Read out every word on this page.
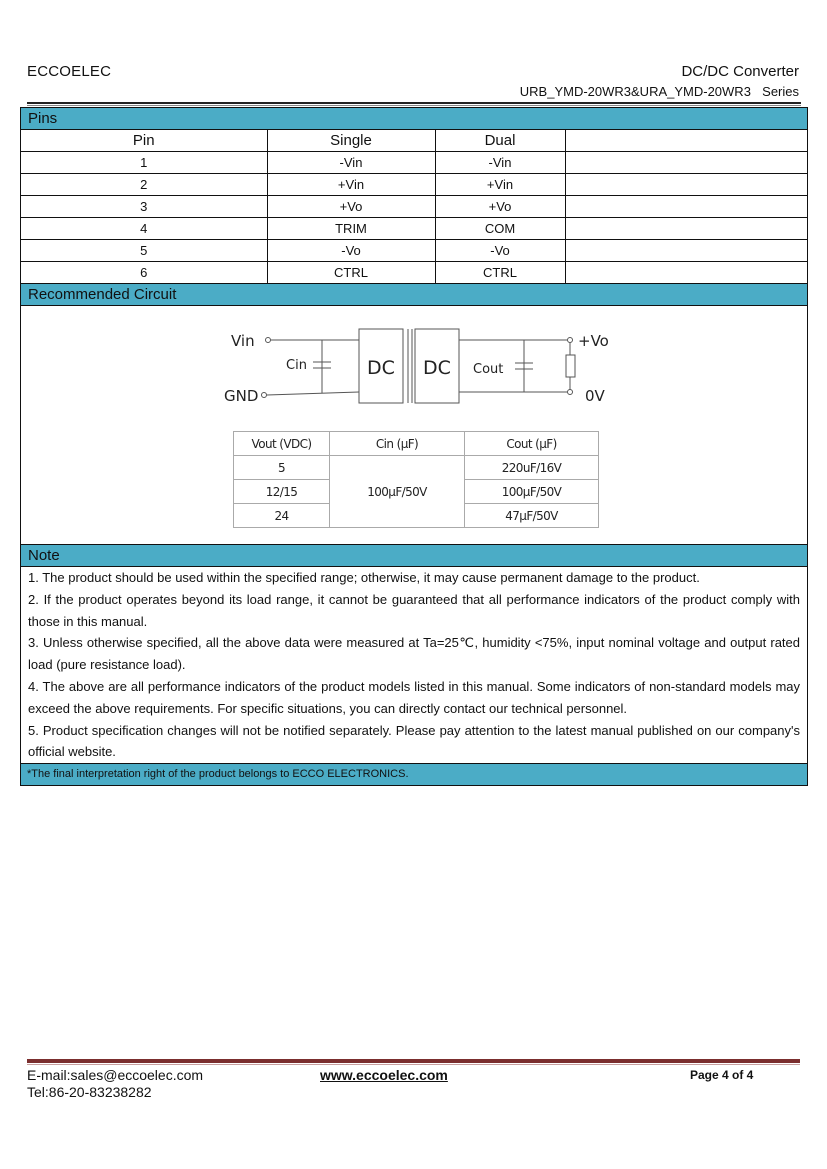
ECCOELEC	DC/DC Converter
URB_YMD-20WR3&URA_YMD-20WR3  Series
Pins
Pin	Single	Dual	
1	-Vin	-Vin	
2	+Vin	+Vin	
3	+Vo	+Vo	
4	TRIM	COM	
5	-Vo	-Vo	
6	CTRL	CTRL	
Recommended Circuit
Vin
GND
Cin	DC DC Cout
+Vo
0V
Vout (VDC)	Cin (µF)	Cout (µF)
5	100µF/50V	220uF/16V
12/15		100µF/50V
24		47µF/50V
Note
1. The product should be used within the specified range; otherwise, it may cause permanent damage to the product.
2. If the product operates beyond its load range, it cannot be guaranteed that all performance indicators of the product comply with those in this manual.
3. Unless otherwise specified, all the above data were measured at Ta=25℃, humidity <75%, input nominal voltage and output rated load (pure resistance load).
4. The above are all performance indicators of the product models listed in this manual. Some indicators of non-standard models may exceed the above requirements. For specific situations, you can directly contact our technical personnel.
5. Product specification changes will not be notified separately. Please pay attention to the latest manual published on our company's official website.
*The final interpretation right of the product belongs to ECCO ELECTRONICS.
E-mail:sales@eccoelec.com
Tel:86-20-83238282
www.eccoelec.com	Page 4 of 4
